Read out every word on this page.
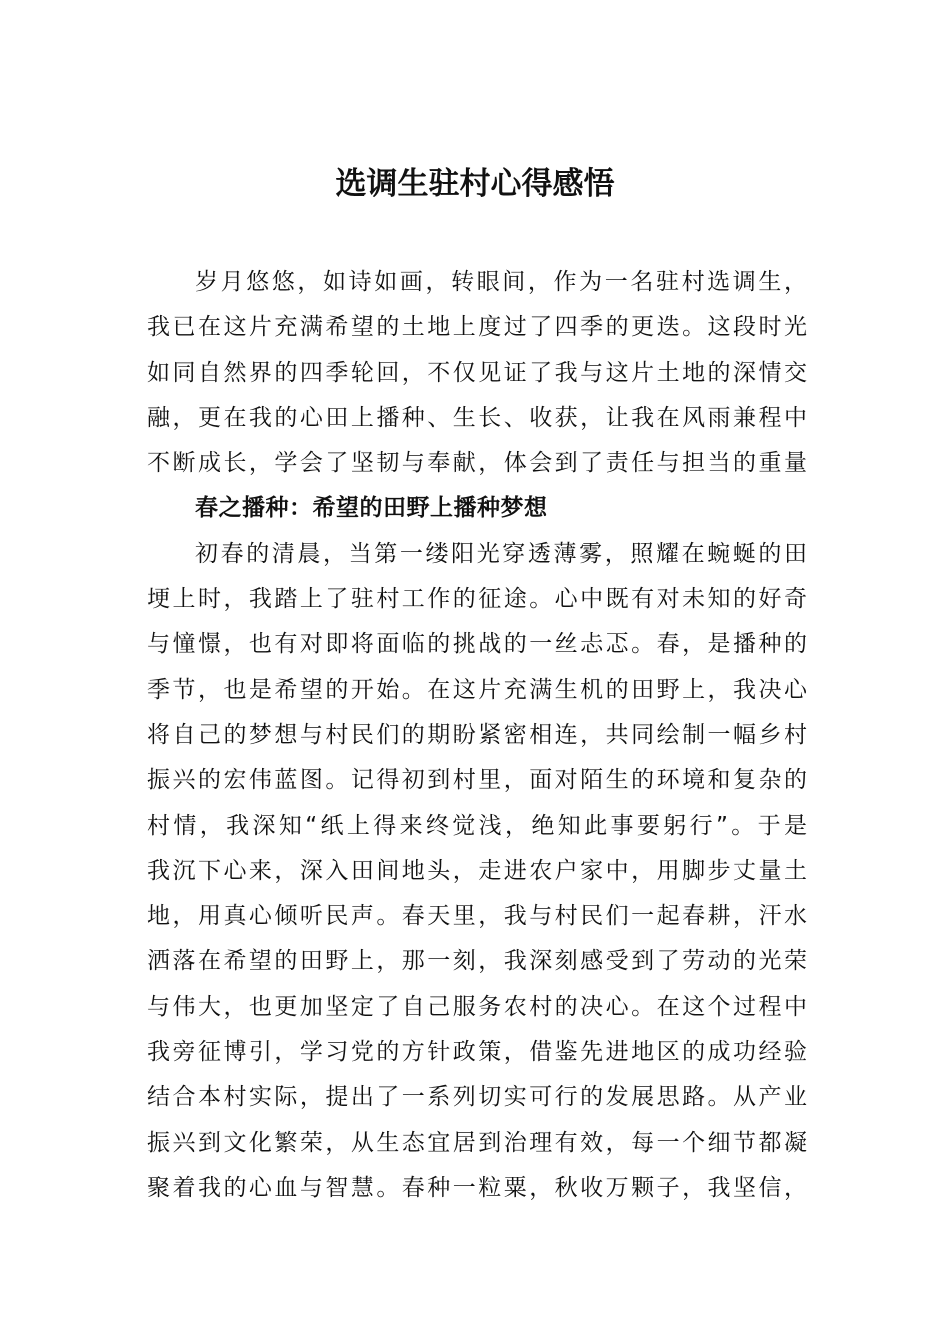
选调生驻村心得感悟
岁月悠悠，如诗如画，转眼间，作为一名驻村选调生，
我已在这片充满希望的土地上度过了四季的更迭。这段时光
如同自然界的四季轮回，不仅见证了我与这片土地的深情交
融，更在我的心田上播种、生长、收获，让我在风雨兼程中
不断成长，学会了坚韧与奉献，体会到了责任与担当的重量
春之播种：希望的田野上播种梦想
初春的清晨，当第一缕阳光穿透薄雾，照耀在蜿蜒的田
埂上时，我踏上了驻村工作的征途。心中既有对未知的好奇
与憧憬，也有对即将面临的挑战的一丝忐忑。春，是播种的
季节，也是希望的开始。在这片充满生机的田野上，我决心
将自己的梦想与村民们的期盼紧密相连，共同绘制一幅乡村
振兴的宏伟蓝图。记得初到村里，面对陌生的环境和复杂的
村情，我深知“纸上得来终觉浅，绝知此事要躬行”。于是
我沉下心来，深入田间地头，走进农户家中，用脚步丈量土
地，用真心倾听民声。春天里，我与村民们一起春耕，汗水
洒落在希望的田野上，那一刻，我深刻感受到了劳动的光荣
与伟大，也更加坚定了自己服务农村的决心。在这个过程中
我旁征博引，学习党的方针政策，借鉴先进地区的成功经验
结合本村实际，提出了一系列切实可行的发展思路。从产业
振兴到文化繁荣，从生态宜居到治理有效，每一个细节都凝
聚着我的心血与智慧。春种一粒粟，秋收万颗子，我坚信，
